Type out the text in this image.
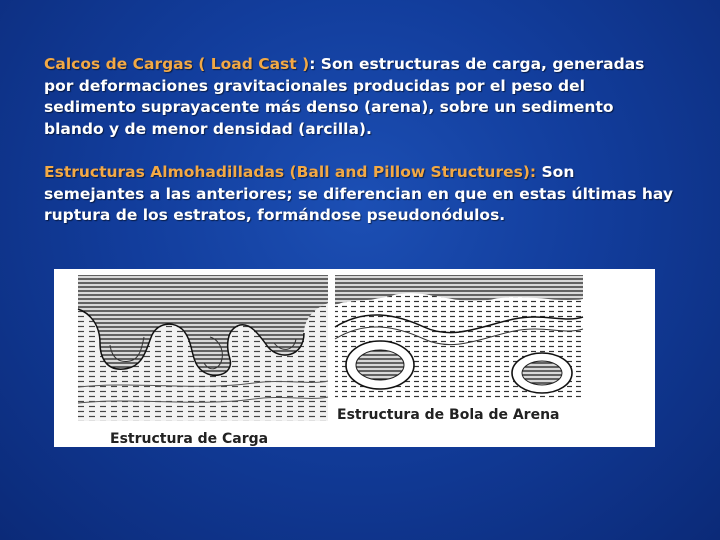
Calcos de Cargas ( Load Cast ): Son estructuras de carga, generadas por deformaciones gravitacionales producidas por el peso del sedimento suprayacente más denso (arena), sobre un sedimento blando y de menor densidad (arcilla).

Estructuras Almohadilladas (Ball and Pillow Structures): Son semejantes a las anteriores; se diferencian en que en estas últimas hay ruptura de los estratos, formándose pseudonódulos.

Estructura de Carga
Estructura de Bola de Arena
